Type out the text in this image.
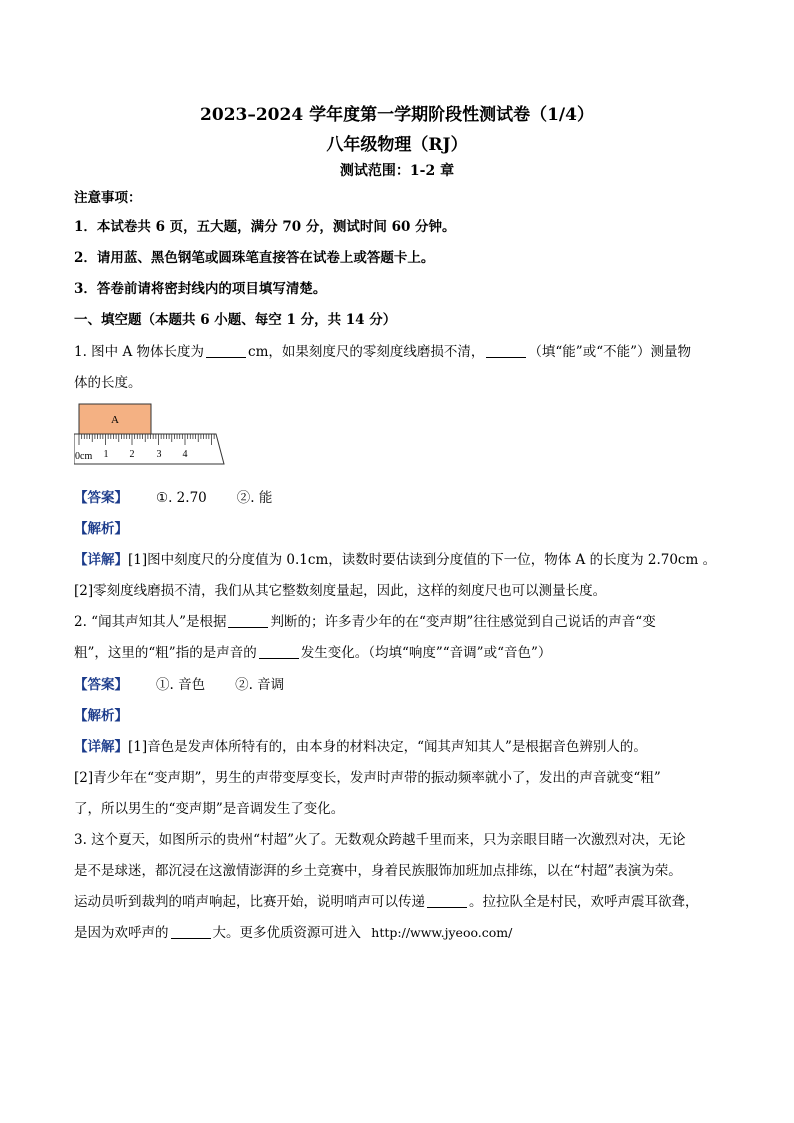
2023–2024 学年度第一学期阶段性测试卷（1/4）
八年级物理（RJ）
测试范围：1-2 章
注意事项：
1．本试卷共 6 页，五大题，满分 70 分，测试时间 60 分钟。
2．请用蓝、黑色钢笔或圆珠笔直接答在试卷上或答题卡上。
3．答卷前请将密封线内的项目填写清楚。
一、填空题（本题共 6 小题、每空 1 分，共 14 分）
1. 图中 A 物体长度为	cm，如果刻度尺的零刻度线磨损不清，	（填“能”或“不能”）测量物
体的长度。
A
0cm 1 2 3 4
【答案】 ①. 2.70 ②. 能
【解析】
【详解】[1]图中刻度尺的分度值为 0.1cm，读数时要估读到分度值的下一位，物体 A 的长度为 2.70cm 。
[2]零刻度线磨损不清，我们从其它整数刻度量起，因此，这样的刻度尺也可以测量长度。
2. “闻其声知其人”是根据	判断的；许多青少年的在“变声期”往往感觉到自己说话的声音“变
粗”，这里的“粗”指的是声音的	发生变化。（均填“响度”“音调”或“音色”）
【答案】 ①. 音色 ②. 音调
【解析】
【详解】[1]音色是发声体所特有的，由本身的材料决定，“闻其声知其人”是根据音色辨别人的。
[2]青少年在“变声期”，男生的声带变厚变长，发声时声带的振动频率就小了，发出的声音就变“粗”
了，所以男生的“变声期”是音调发生了变化。
3. 这个夏天，如图所示的贵州“村超”火了。无数观众跨越千里而来，只为亲眼目睹一次激烈对决，无论
是不是球迷，都沉浸在这激情澎湃的乡土竞赛中，身着民族服饰加班加点排练，以在“村超”表演为荣。
运动员听到裁判的哨声响起，比赛开始，说明哨声可以传递	。拉拉队全是村民，欢呼声震耳欲聋，
是因为欢呼声的	大。更多优质资源可进入 http://www.jyeoo.com/
